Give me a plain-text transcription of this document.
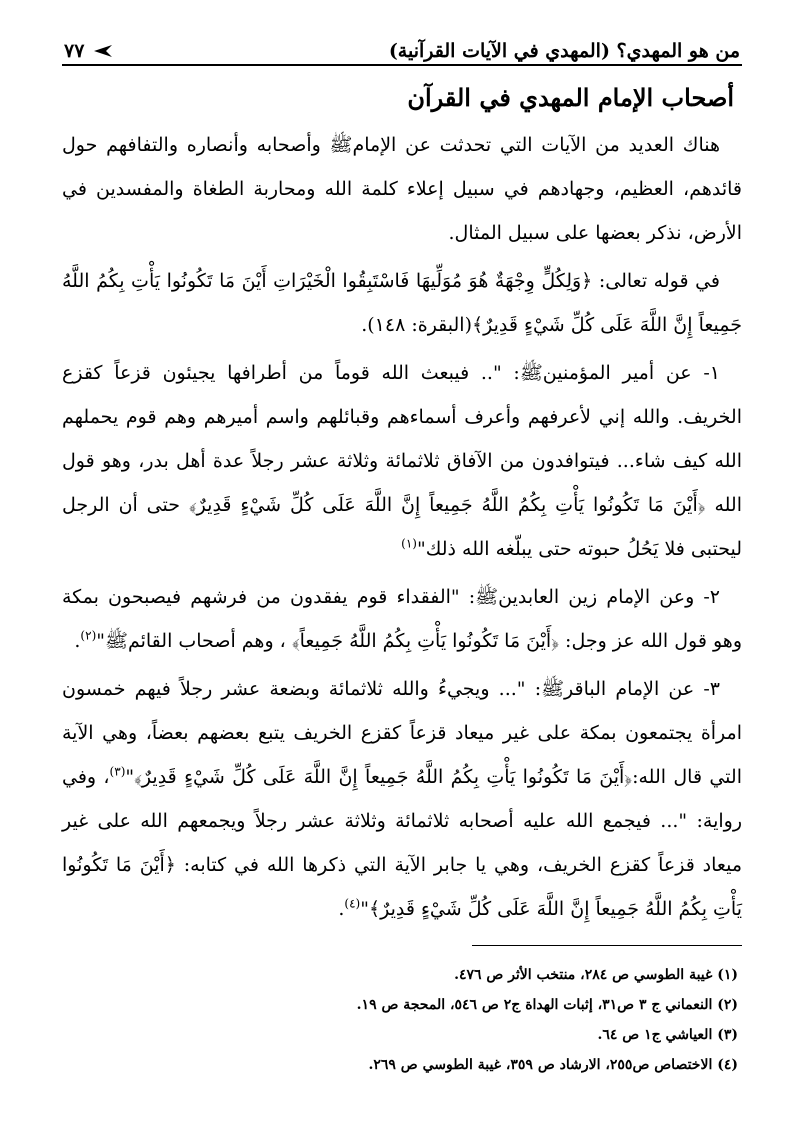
من هو المهدي؟ (المهدي في الآيات القرآنية)
٧٧
أصحاب الإمام المهدي في القرآن

هناك العديد من الآيات التي تحدثت عن الإمامﷺ وأصحابه وأنصاره والتفافهم حول قائدهم، العظيم، وجهادهم في سبيل إعلاء كلمة الله ومحاربة الطغاة والمفسدين في الأرض، نذكر بعضها على سبيل المثال.

في قوله تعالى: ﴿وَلِكُلٍّ وِجْهَةٌ هُوَ مُوَلِّيهَا فَاسْتَبِقُوا الْخَيْرَاتِ أَيْنَ مَا تَكُونُوا يَأْتِ بِكُمُ اللَّهُ جَمِيعاً إِنَّ اللَّهَ عَلَى كُلِّ شَيْءٍ قَدِيرٌ﴾(البقرة: ١٤٨).

١- عن أمير المؤمنينﷺ: ".. فيبعث الله قوماً من أطرافها يجيئون قزعاً كقزع الخريف. والله إني لأعرفهم وأعرف أسماءهم وقبائلهم واسم أميرهم وهم قوم يحملهم الله كيف شاء... فيتوافدون من الآفاق ثلاثمائة وثلاثة عشر رجلاً عدة أهل بدر، وهو قول الله ﴿أَيْنَ مَا تَكُونُوا يَأْتِ بِكُمُ اللَّهُ جَمِيعاً إِنَّ اللَّهَ عَلَى كُلِّ شَيْءٍ قَدِيرٌ﴾ حتى أن الرجل ليحتبى فلا يَحُلُ حبوته حتى يبلّغه الله ذلك"$^{(١)}$

٢- وعن الإمام زين العابدينﷺ: "الفقداء قوم يفقدون من فرشهم فيصبحون بمكة وهو قول الله عز وجل: ﴿أَيْنَ مَا تَكُونُوا يَأْتِ بِكُمُ اللَّهُ جَمِيعاً﴾ ، وهم أصحاب القائمﷺ"$^{(٢)}$.

٣- عن الإمام الباقرﷺ: "... ويجيءُ والله ثلاثمائة وبضعة عشر رجلاً فيهم خمسون امرأة يجتمعون بمكة على غير ميعاد قزعاً كقزع الخريف يتبع بعضهم بعضاً، وهي الآية التي قال الله:﴿أَيْنَ مَا تَكُونُوا يَأْتِ بِكُمُ اللَّهُ جَمِيعاً إِنَّ اللَّهَ عَلَى كُلِّ شَيْءٍ قَدِيرٌ﴾"$^{(٣)}$، وفي رواية: "... فيجمع الله عليه أصحابه ثلاثمائة وثلاثة عشر رجلاً ويجمعهم الله على غير ميعاد قزعاً كقزع الخريف، وهي يا جابر الآية التي ذكرها الله في كتابه: ﴿أَيْنَ مَا تَكُونُوا يَأْتِ بِكُمُ اللَّهُ جَمِيعاً إِنَّ اللَّهَ عَلَى كُلِّ شَيْءٍ قَدِيرٌ﴾"$^{(٤)}$.

(١) غيبة الطوسي ص ٢٨٤، منتخب الأثر ص ٤٧٦.
(٢) النعماني ج ٣ ص٣١، إثبات الهداة ج٢ ص ٥٤٦، المحجة ص ١٩.
(٣) العياشي ج١ ص ٦٤.
(٤) الاختصاص ص٢٥٥، الارشاد ص ٣٥٩، غيبة الطوسي ص ٢٦٩.
